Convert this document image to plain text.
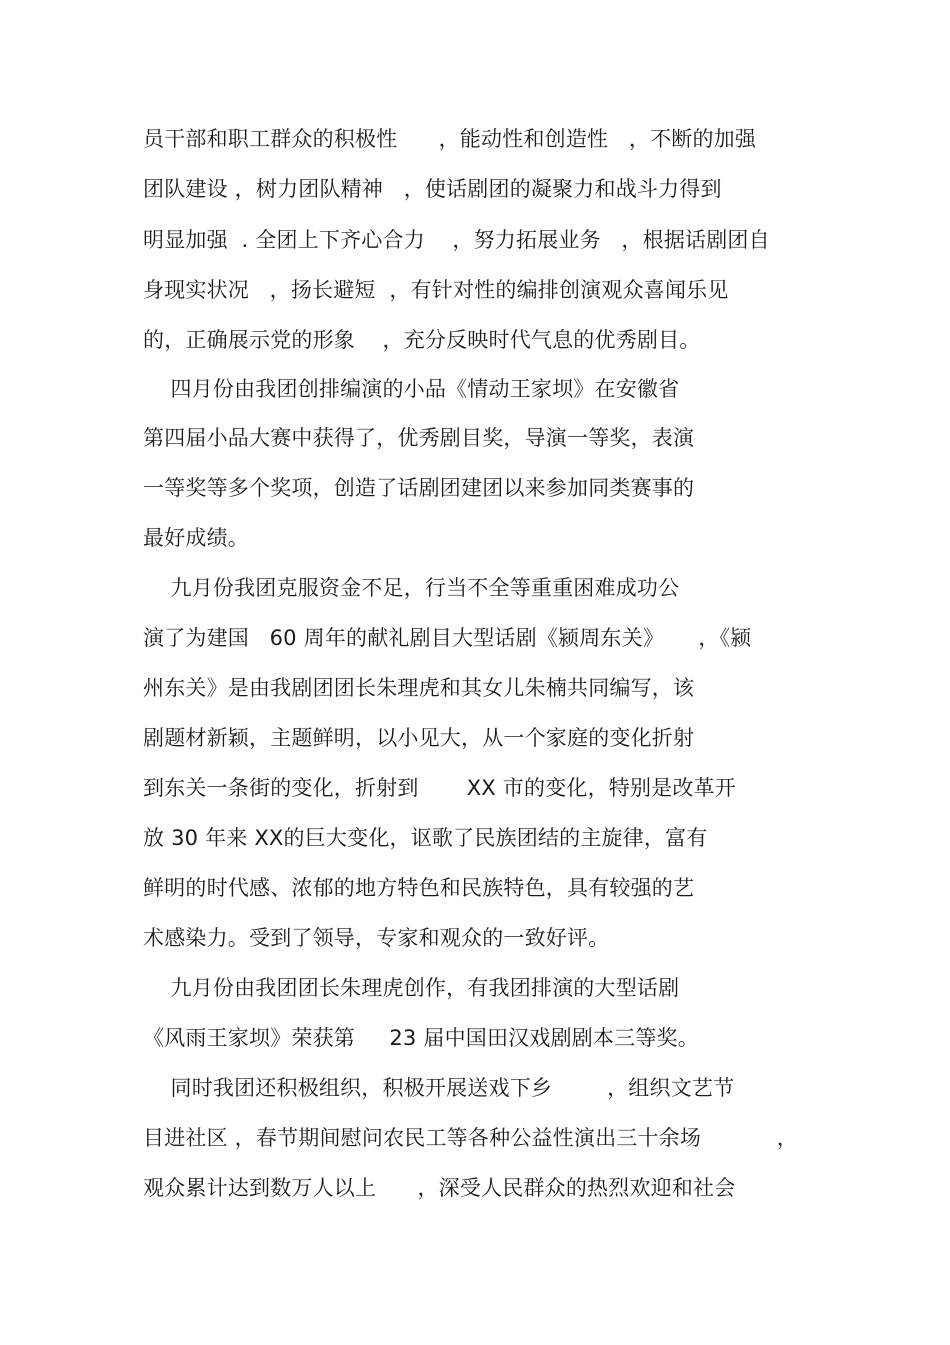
员干部和职工群众的积极性      ，能动性和创造性   ，不断的加强
团队建设 ，树力团队精神   ，使话剧团的凝聚力和战斗力得到
明显加强  . 全团上下齐心合力    ，努力拓展业务   ，根据话剧团自
身现实状况   ，扬长避短  ，有针对性的编排创演观众喜闻乐见
的，正确展示党的形象    ，充分反映时代气息的优秀剧目。
四月份由我团创排编演的小品《情动王家坝》在安徽省
第四届小品大赛中获得了，优秀剧目奖，导演一等奖，表演
一等奖等多个奖项，创造了话剧团建团以来参加同类赛事的
最好成绩。
九月份我团克服资金不足，行当不全等重重困难成功公
演了为建国   60 周年的献礼剧目大型话剧《颍周东关》     ，《颍
州东关》是由我剧团团长朱理虎和其女儿朱楠共同编写，该
剧题材新颖，主题鲜明，以小见大，从一个家庭的变化折射
到东关一条街的变化，折射到       XX 市的变化，特别是改革开
放 30 年来 XX的巨大变化，讴歌了民族团结的主旋律，富有
鲜明的时代感、浓郁的地方特色和民族特色，具有较强的艺
术感染力。受到了领导，专家和观众的一致好评。
九月份由我团团长朱理虎创作，有我团排演的大型话剧
《风雨王家坝》荣获第     23 届中国田汉戏剧剧本三等奖。
同时我团还积极组织，积极开展送戏下乡        ，组织文艺节
目进社区 ，春节期间慰问农民工等各种公益性演出三十余场           ，
观众累计达到数万人以上      ，深受人民群众的热烈欢迎和社会
